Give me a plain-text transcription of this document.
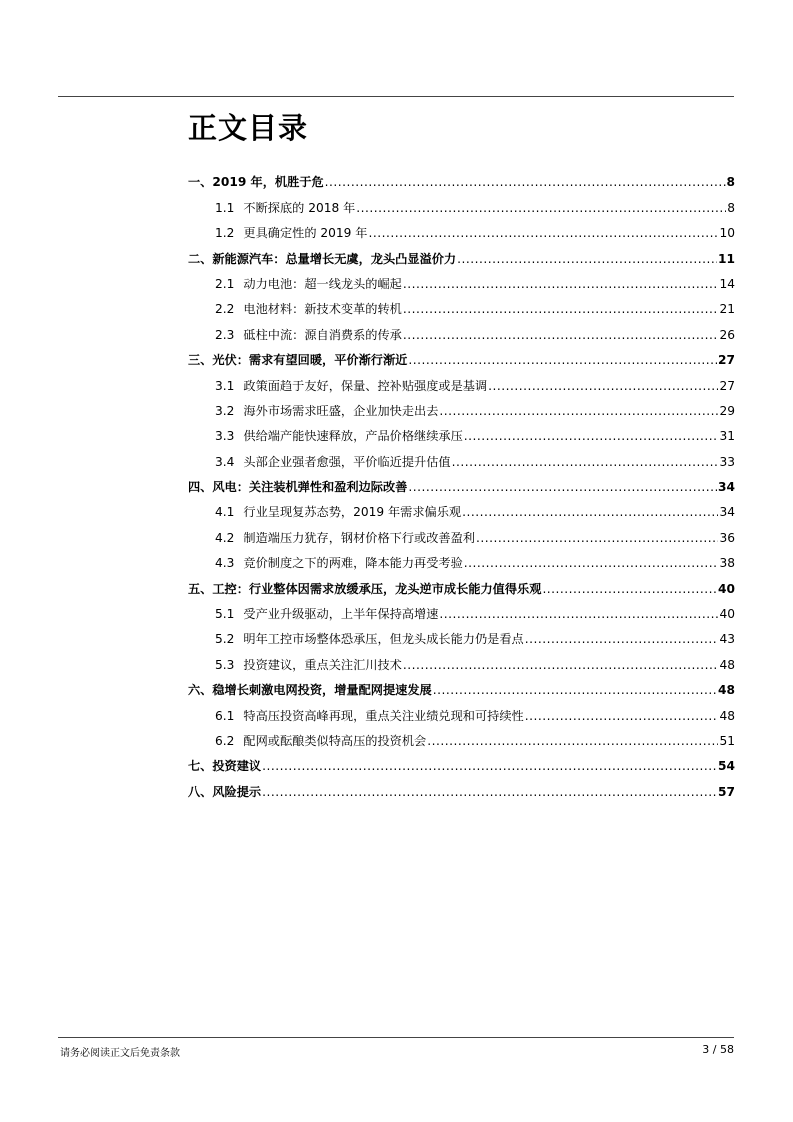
正文目录
一、2019 年，机胜于危 .....	8
1.1 不断探底的 2018 年 .....	8
1.2 更具确定性的 2019 年 .....	10
二、新能源汽车：总量增长无虞，龙头凸显溢价力 .....	11
2.1 动力电池：超一线龙头的崛起 .....	14
2.2 电池材料：新技术变革的转机 .....	21
2.3 砥柱中流：源自消费系的传承 .....	26
三、光伏：需求有望回暖，平价渐行渐近 .....	27
3.1 政策面趋于友好，保量、控补贴强度或是基调 .....	27
3.2 海外市场需求旺盛，企业加快走出去 .....	29
3.3 供给端产能快速释放，产品价格继续承压 .....	31
3.4 头部企业强者愈强，平价临近提升估值 .....	33
四、风电：关注装机弹性和盈利边际改善 .....	34
4.1 行业呈现复苏态势，2019 年需求偏乐观 .....	34
4.2 制造端压力犹存，钢材价格下行或改善盈利 .....	36
4.3 竞价制度之下的两难，降本能力再受考验 .....	38
五、工控：行业整体因需求放缓承压，龙头逆市成长能力值得乐观 .....	40
5.1 受产业升级驱动，上半年保持高增速 .....	40
5.2 明年工控市场整体恐承压，但龙头成长能力仍是看点 .....	43
5.3 投资建议，重点关注汇川技术 .....	48
六、稳增长刺激电网投资，增量配网提速发展 .....	48
6.1 特高压投资高峰再现，重点关注业绩兑现和可持续性 .....	48
6.2 配网或酝酿类似特高压的投资机会 .....	51
七、投资建议 .....	54
八、风险提示 .....	57
请务必阅读正文后免责条款	3 / 58
